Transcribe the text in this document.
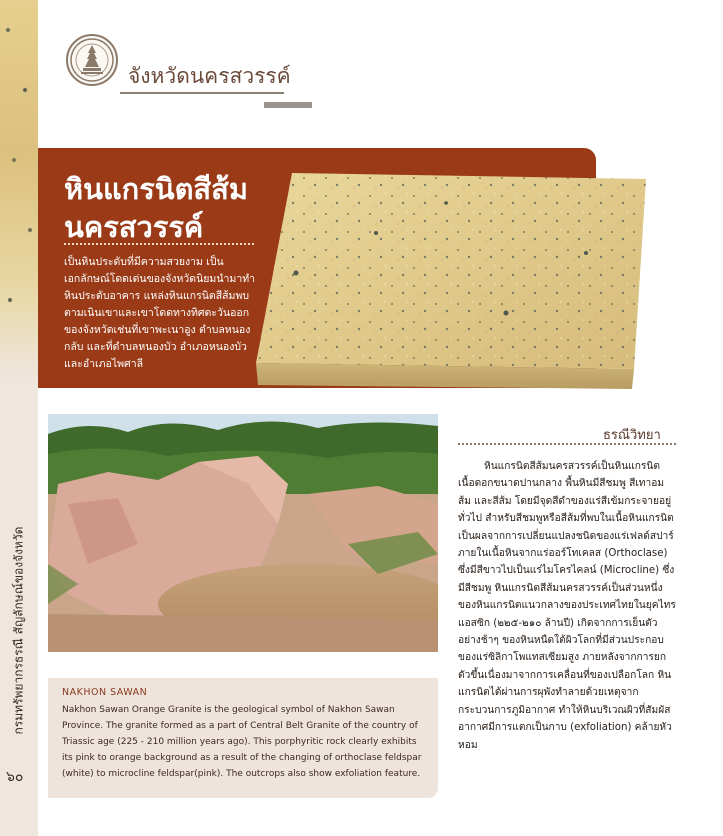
กรมทรัพยากรธรณี สัญลักษณ์ของจังหวัด
๖๐
จังหวัดนครสวรรค์
หินแกรนิตสีส้ม
นครสวรรค์
เป็นหินประดับที่มีความสวยงาม เป็นเอกลักษณ์โดดเด่นของจังหวัดนิยมนำมาทำหินประดับอาคาร แหล่งหินแกรนิตสีส้มพบตามเนินเขาและเขาโดดทางทิศตะวันออกของจังหวัดเช่นที่เขาพะเนาอูง ตำบลหนองกลับ และที่ตำบลหนองบัว อำเภอหนองบัว และอำเภอไพศาลี
NAKHON SAWAN
Nakhon Sawan Orange Granite is the geological symbol of Nakhon Sawan Province. The granite formed as a part of Central Belt Granite of the country of Triassic age (225 - 210 million years ago). This porphyritic rock clearly exhibits its pink to orange background as a result of the changing of orthoclase feldspar (white) to microcline feldspar(pink). The outcrops also show exfoliation feature.
ธรณีวิทยา
หินแกรนิตสีส้มนครสวรรค์เป็นหินแกรนิตเนื้อดอกขนาดปานกลาง พื้นหินมีสีชมพู สีเทาอมส้ม และสีส้ม โดยมีจุดสีดำของแร่สีเข้มกระจายอยู่ทั่วไป สำหรับสีชมพูหรือสีส้มที่พบในเนื้อหินแกรนิตเป็นผลจากการเปลี่ยนแปลงชนิดของแร่เฟลด์สปาร์ภายในเนื้อหินจากแร่ออร์โทเคลส (Orthoclase) ซึ่งมีสีขาวไปเป็นแร่ไมโครไคลน์ (Microcline) ซึ่งมีสีชมพู หินแกรนิตสีส้มนครสวรรค์เป็นส่วนหนึ่งของหินแกรนิตแนวกลางของประเทศไทยในยุคไทรแอสซิก (๒๒๕-๒๑๐ ล้านปี) เกิดจากการเย็นตัวอย่างช้าๆ ของหินหนืดใต้ผิวโลกที่มีส่วนประกอบของแร่ซิลิกาโพแทสเซียมสูง ภายหลังจากการยกตัวขึ้นเนื่องมาจากการเคลื่อนที่ของเปลือกโลก หินแกรนิตได้ผ่านการผุพังทำลายด้วยเหตุจากกระบวนการภูมิอากาศ ทำให้หินบริเวณผิวที่สัมผัสอากาศมีการแตกเป็นกาบ (exfoliation) คล้ายหัวหอม
